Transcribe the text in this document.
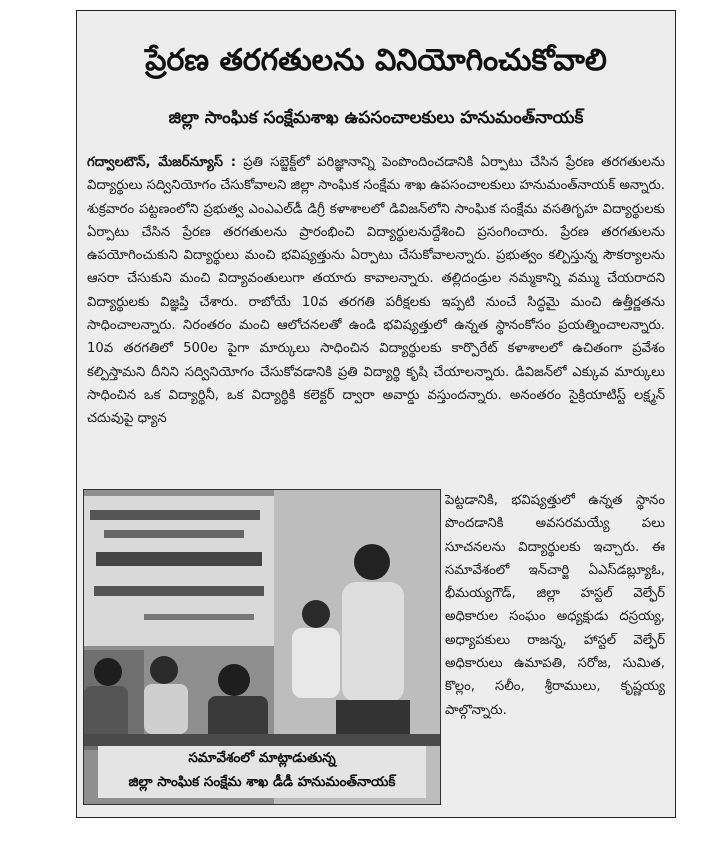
ప్రేరణ తరగతులను వినియోగించుకోవాలి
జిల్లా సాంఘిక సంక్షేమశాఖ ఉపసంచాలకులు హనుమంత్‌నాయక్
గద్వాలటౌన్, మేజర్‌న్యూస్ : ప్రతి సబ్జెక్ట్‌లో పరిజ్ఞానాన్ని పెంపొందించడానికి ఏర్పాటు చేసిన ప్రేరణ తరగతులను విద్యార్థులు సద్వినియోగం చేసుకోవాలని జిల్లా సాంఘిక సంక్షేమ శాఖ ఉపసంచాలకులు హనుమంత్‌నాయక్ అన్నారు. శుక్రవారం పట్టణంలోని ప్రభుత్వ ఎంఎఎల్‌డీ డిగ్రీ కళాశాలలో డివిజన్‌లోని సాంఘిక సంక్షేమ వసతిగృహ విద్యార్థులకు ఏర్పాటు చేసిన ప్రేరణ తరగతులను ప్రారంభించి విద్యార్థులనుద్దేశించి ప్రసంగించారు. ప్రేరణ తరగతులను ఉపయోగించుకుని విద్యార్థులు మంచి భవిష్యత్తును ఏర్పాటు చేసుకోవాలన్నారు. ప్రభుత్వం కల్పిస్తున్న సౌకర్యాలను ఆసరా చేసుకుని మంచి విద్యావంతులుగా తయారు కావాలన్నారు. తల్లిదండ్రుల నమ్మకాన్ని వమ్ము చేయరాదని విద్యార్థులకు విజ్ఞప్తి చేశారు. రాబోయే 10వ తరగతి పరీక్షలకు ఇప్పటి నుంచే సిద్ధమై మంచి ఉత్తీర్ణతను సాధించాలన్నారు. నిరంతరం మంచి ఆలోచనలతో ఉండి భవిష్యత్తులో ఉన్నత స్థానంకోసం ప్రయత్నించాలన్నారు. 10వ తరగతిలో 500ల పైగా మార్కులు సాధించిన విద్యార్థులకు కార్పొరేట్ కళాశాలలో ఉచితంగా ప్రవేశం కల్పిస్తామని దీనిని సద్వినియోగం చేసుకోవడానికి ప్రతి విద్యార్థి కృషి చేయాలన్నారు. డివిజన్‌లో ఎక్కువ మార్కులు సాధించిన ఒక విద్యార్థినీ, ఒక విద్యార్థికి కలెక్టర్ ద్వారా అవార్డు వస్తుందన్నారు. అనంతరం సైక్రియాటిస్ట్ లక్ష్మన్ చదువుపై ధ్యాన
సమావేశంలో మాట్లాడుతున్న
జిల్లా సాంఘిక సంక్షేమ శాఖ డీడీ హనుమంత్‌నాయక్
పెట్టడానికి, భవిష్యత్తులో ఉన్నత స్థానం పొందడానికి అవసరమయ్యే పలు సూచనలను విద్యార్థులకు ఇచ్చారు. ఈ సమావేశంలో ఇన్‌చార్జి ఏఎస్‌డబ్ల్యూఓ, భీమయ్యగౌడ్, జిల్లా హస్టల్ వెల్ఫేర్ అధికారుల సంఘం అధ్యక్షుడు దస్రయ్య, అధ్యాపకులు రాజన్న, హాస్టల్ వెల్ఫేర్ అధికారులు ఉమాపతి, సరోజ, సుమిత, కొల్లం, సలీం, శ్రీరాములు, కృష్ణయ్య పాల్గొన్నారు.
